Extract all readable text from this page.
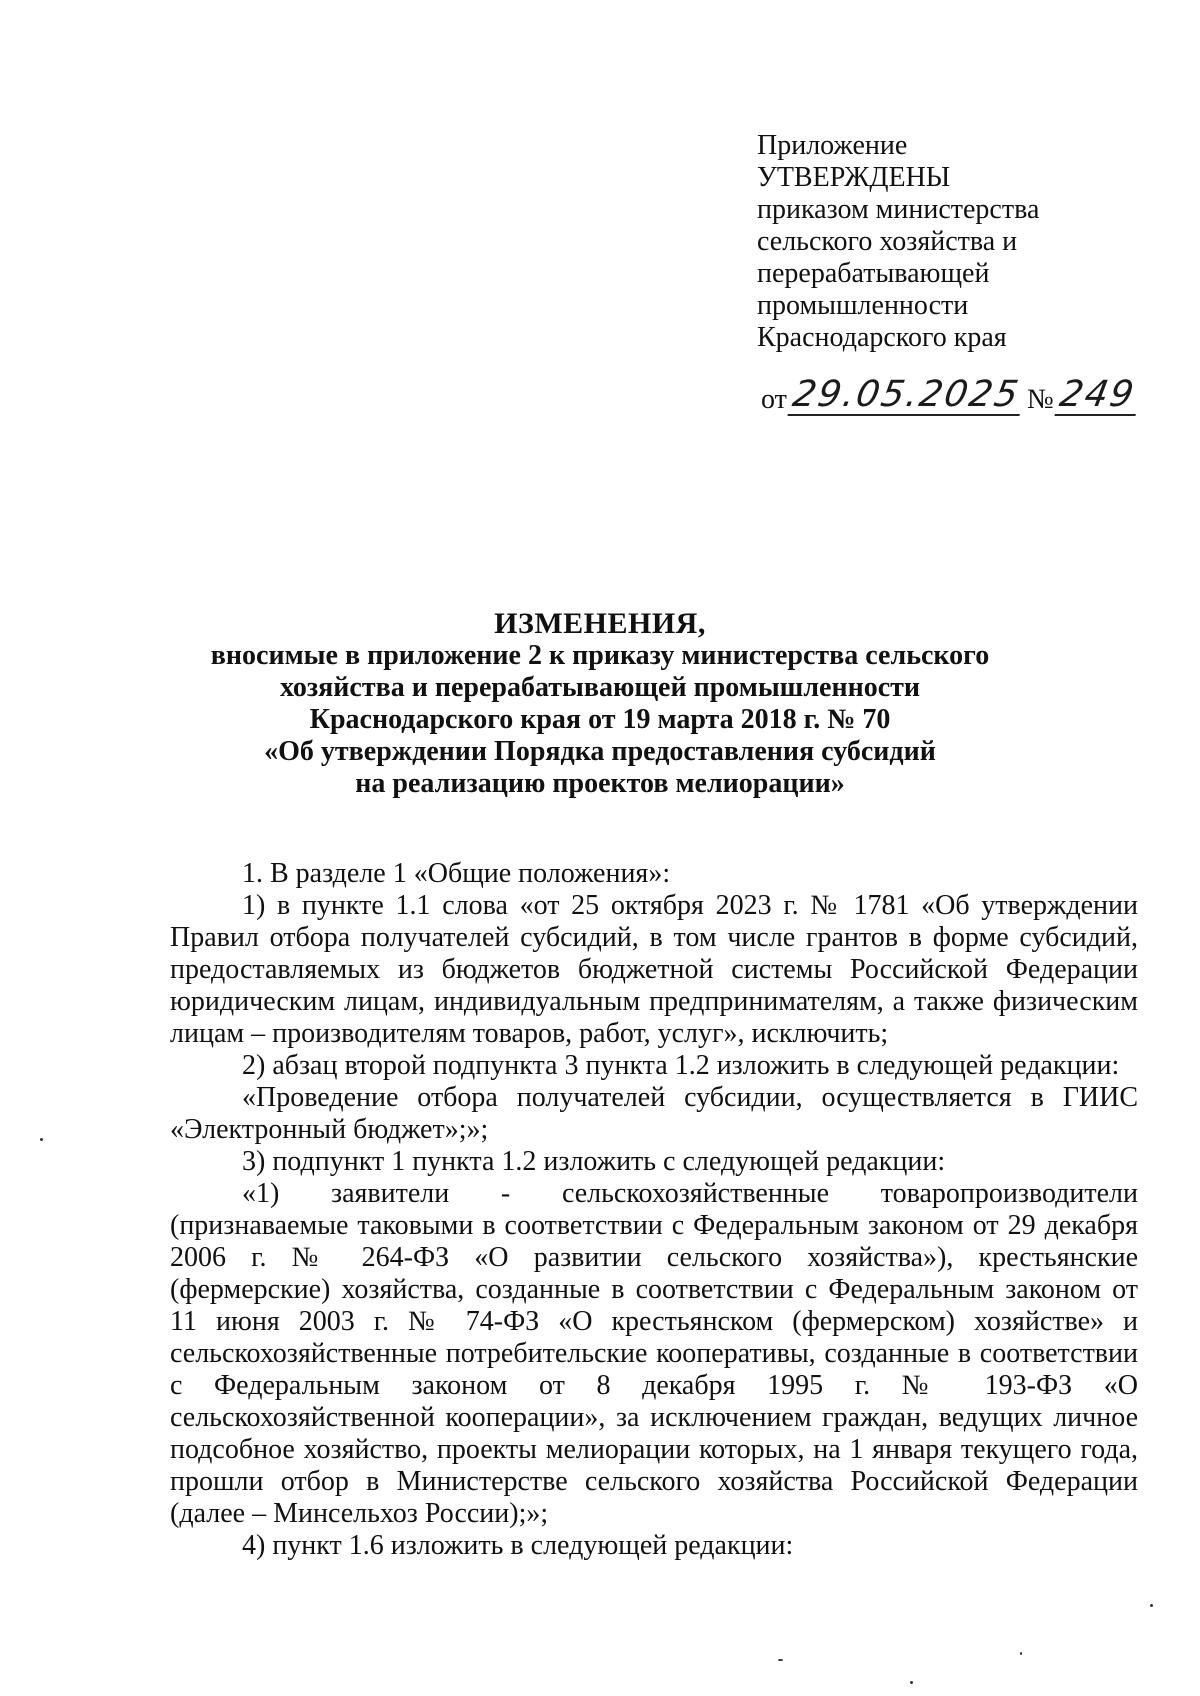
Приложение

УТВЕРЖДЕНЫ

приказом министерства

сельского хозяйства и

перерабатывающей

промышленности

Краснодарского края

от 29.05.2025 № 249

ИЗМЕНЕНИЯ,

вносимые в приложение 2 к приказу министерства сельского

хозяйства и перерабатывающей промышленности

Краснодарского края от 19 марта 2018 г. № 70

«Об утверждении Порядка предоставления субсидий

на реализацию проектов мелиорации»

1. В разделе 1 «Общие положения»:

1) в пункте 1.1 слова «от 25 октября 2023 г. № 1781 «Об утверждении Правил отбора получателей субсидий, в том числе грантов в форме субсидий, предоставляемых из бюджетов бюджетной системы Российской Федерации юридическим лицам, индивидуальным предпринимателям, а также физическим лицам – производителям товаров, работ, услуг», исключить;

2) абзац второй подпункта 3 пункта 1.2 изложить в следующей редакции:

«Проведение отбора получателей субсидии, осуществляется в ГИИС «Электронный бюджет»;»;

3) подпункт 1 пункта 1.2 изложить с следующей редакции:

«1) заявители - сельскохозяйственные товаропроизводители (признаваемые таковыми в соответствии с Федеральным законом от 29 декабря 2006 г. № 264-ФЗ «О развитии сельского хозяйства»), крестьянские (фермерские) хозяйства, созданные в соответствии с Федеральным законом от 11 июня 2003 г. № 74-ФЗ «О крестьянском (фермерском) хозяйстве» и сельскохозяйственные потребительские кооперативы, созданные в соответствии с Федеральным законом от 8 декабря 1995 г. № 193-ФЗ «О сельскохозяйственной кооперации», за исключением граждан, ведущих личное подсобное хозяйство, проекты мелиорации которых, на 1 января текущего года, прошли отбор в Министерстве сельского хозяйства Российской Федерации (далее – Минсельхоз России);»;

4) пункт 1.6 изложить в следующей редакции:
